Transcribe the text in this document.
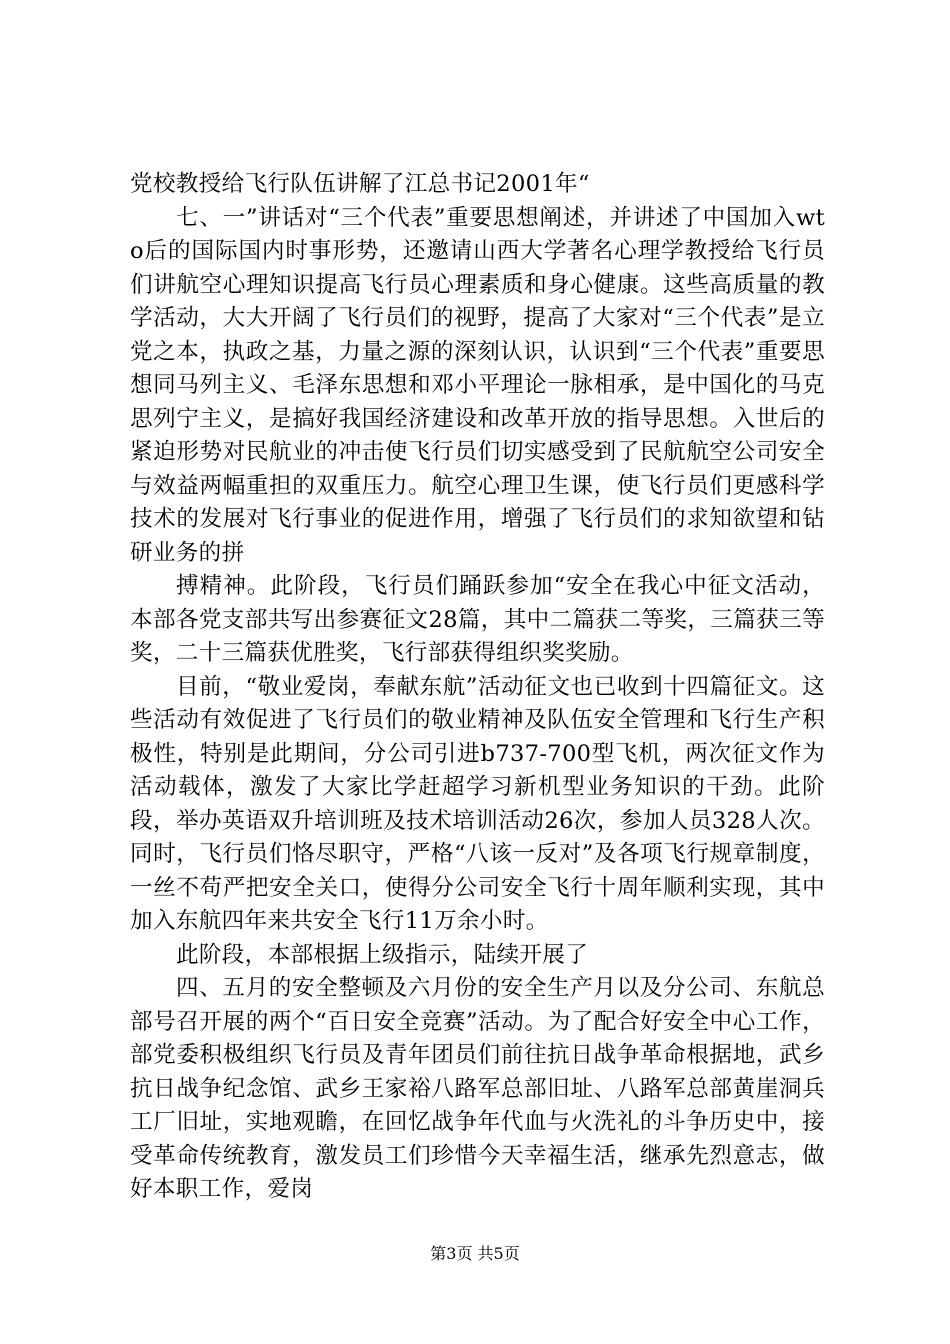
党校教授给飞行队伍讲解了江总书记2001年“

七、一”讲话对“三个代表”重要思想阐述，并讲述了中国加入wto后的国际国内时事形势，还邀请山西大学著名心理学教授给飞行员们讲航空心理知识提高飞行员心理素质和身心健康。这些高质量的教学活动，大大开阔了飞行员们的视野，提高了大家对“三个代表”是立党之本，执政之基，力量之源的深刻认识，认识到“三个代表”重要思想同马列主义、毛泽东思想和邓小平理论一脉相承，是中国化的马克思列宁主义，是搞好我国经济建设和改革开放的指导思想。入世后的紧迫形势对民航业的冲击使飞行员们切实感受到了民航航空公司安全与效益两幅重担的双重压力。航空心理卫生课，使飞行员们更感科学技术的发展对飞行事业的促进作用，增强了飞行员们的求知欲望和钻研业务的拼

搏精神。此阶段，飞行员们踊跃参加“安全在我心中征文活动，本部各党支部共写出参赛征文28篇，其中二篇获二等奖，三篇获三等奖，二十三篇获优胜奖，飞行部获得组织奖奖励。

目前，“敬业爱岗，奉献东航”活动征文也已收到十四篇征文。这些活动有效促进了飞行员们的敬业精神及队伍安全管理和飞行生产积极性，特别是此期间，分公司引进b737-700型飞机，两次征文作为活动载体，激发了大家比学赶超学习新机型业务知识的干劲。此阶段，举办英语双升培训班及技术培训活动26次，参加人员328人次。同时，飞行员们恪尽职守，严格“八该一反对”及各项飞行规章制度，一丝不苟严把安全关口，使得分公司安全飞行十周年顺利实现，其中加入东航四年来共安全飞行11万余小时。

此阶段，本部根据上级指示，陆续开展了

四、五月的安全整顿及六月份的安全生产月以及分公司、东航总部号召开展的两个“百日安全竞赛”活动。为了配合好安全中心工作，部党委积极组织飞行员及青年团员们前往抗日战争革命根据地，武乡抗日战争纪念馆、武乡王家裕八路军总部旧址、八路军总部黄崖洞兵工厂旧址，实地观瞻，在回忆战争年代血与火洗礼的斗争历史中，接受革命传统教育，激发员工们珍惜今天幸福生活，继承先烈意志，做好本职工作，爱岗

第3页 共5页
